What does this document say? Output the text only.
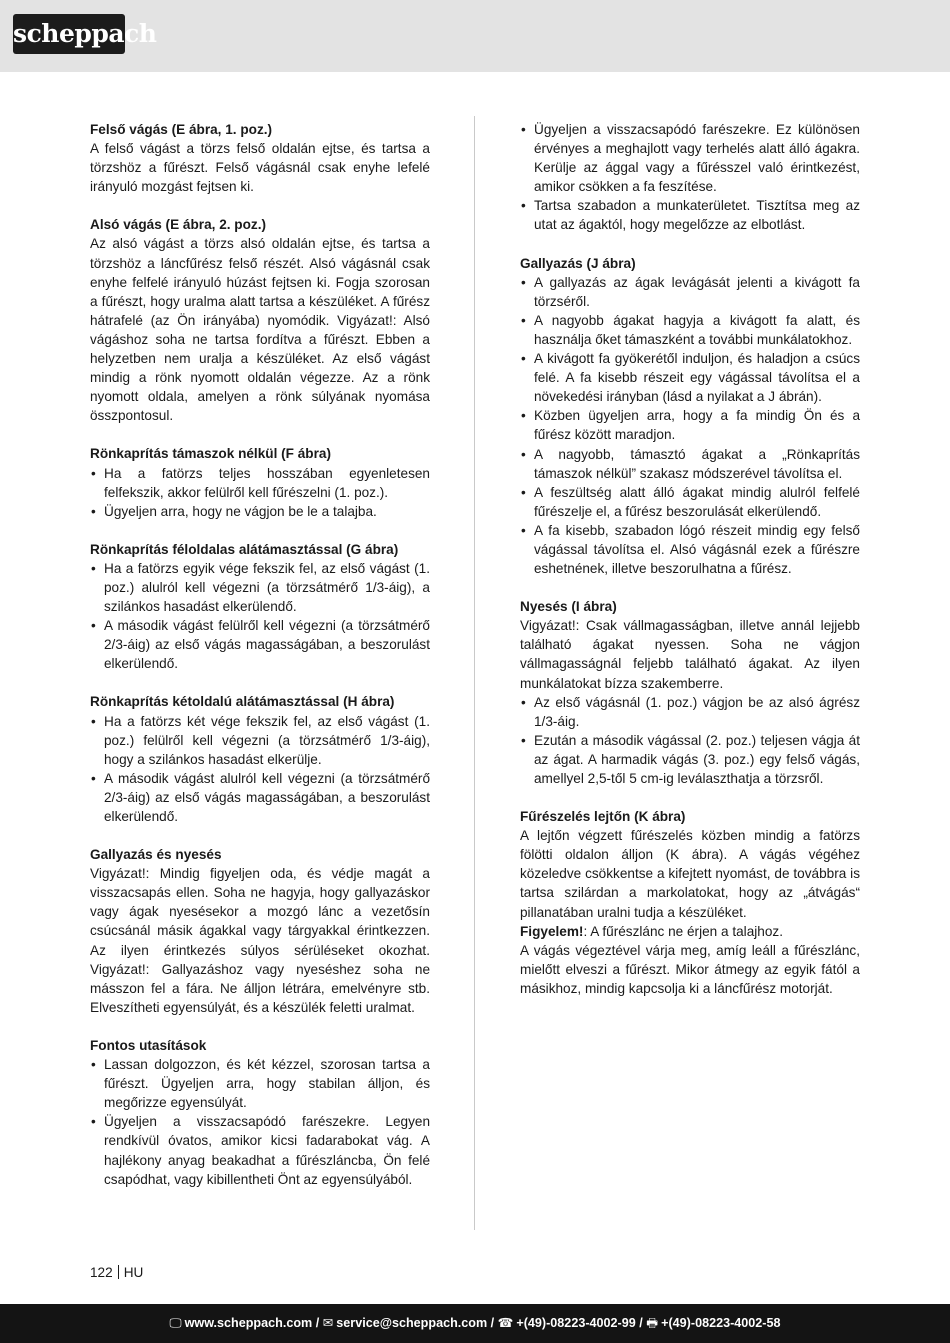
scheppach
Felső vágás (E ábra, 1. poz.)

A felső vágást a törzs felső oldalán ejtse, és tartsa a törzshöz a fűrészt. Felső vágásnál csak enyhe lefelé irányuló mozgást fejtsen ki.

Alsó vágás (E ábra, 2. poz.)

Az alsó vágást a törzs alsó oldalán ejtse, és tartsa a törzshöz a láncfűrész felső részét. Alsó vágásnál csak enyhe felfelé irányuló húzást fejtsen ki. Fogja szorosan a fűrészt, hogy uralma alatt tartsa a készüléket. A fűrész hátrafelé (az Ön irányába) nyomódik. Vigyázat!: Alsó vágáshoz soha ne tartsa fordítva a fűrészt. Ebben a helyzetben nem uralja a készüléket. Az első vágást mindig a rönk nyomott oldalán végezze. Az a rönk nyomott oldala, amelyen a rönk súlyának nyomása összpontosul.

Rönkaprítás támaszok nélkül (F ábra)
• Ha a fatörzs teljes hosszában egyenletesen felfekszik, akkor felülről kell fűrészelni (1. poz.).
• Ügyeljen arra, hogy ne vágjon be le a talajba.
Rönkaprítás féloldalas alátámasztással (G ábra)
• Ha a fatörzs egyik vége fekszik fel, az első vágást (1. poz.) alulról kell végezni (a törzsátmérő 1/3-áig), a szilánkos hasadást elkerülendő.
• A második vágást felülről kell végezni (a törzsátmérő 2/3-áig) az első vágás magasságában, a beszorulást elkerülendő.
Rönkaprítás kétoldalú alátámasztással (H ábra)
• Ha a fatörzs két vége fekszik fel, az első vágást (1. poz.) felülről kell végezni (a törzsátmérő 1/3-áig), hogy a szilánkos hasadást elkerülje.
• A második vágást alulról kell végezni (a törzsátmérő 2/3-áig) az első vágás magasságában, a beszorulást elkerülendő.
Gallyazás és nyesés

Vigyázat!: Mindig figyeljen oda, és védje magát a visszacsapás ellen. Soha ne hagyja, hogy gallyazáskor vagy ágak nyesésekor a mozgó lánc a vezetősín csúcsánál másik ágakkal vagy tárgyakkal érintkezzen. Az ilyen érintkezés súlyos sérüléseket okozhat. Vigyázat!: Gallyazáshoz vagy nyeséshez soha ne másszon fel a fára. Ne álljon létrára, emelvényre stb. Elveszítheti egyensúlyát, és a készülék feletti uralmat.

Fontos utasítások
• Lassan dolgozzon, és két kézzel, szorosan tartsa a fűrészt. Ügyeljen arra, hogy stabilan álljon, és megőrizze egyensúlyát.
• Ügyeljen a visszacsapódó farészekre. Legyen rendkívül óvatos, amikor kicsi fadarabokat vág. A hajlékony anyag beakadhat a fűrészláncba, Ön felé csapódhat, vagy kibillentheti Önt az egyensúlyából.
• Ügyeljen a visszacsapódó farészekre. Ez különösen érvényes a meghajlott vagy terhelés alatt álló ágakra. Kerülje az ággal vagy a fűrésszel való érintkezést, amikor csökken a fa feszítése.
• Tartsa szabadon a munkaterületet. Tisztítsa meg az utat az ágaktól, hogy megelőzze az elbotlást.
Gallyazás (J ábra)
• A gallyazás az ágak levágását jelenti a kivágott fa törzséről.
• A nagyobb ágakat hagyja a kivágott fa alatt, és használja őket támaszként a további munkálatokhoz.
• A kivágott fa gyökerétől induljon, és haladjon a csúcs felé. A fa kisebb részeit egy vágással távolítsa el a növekedési irányban (lásd a nyilakat a J ábrán).
• Közben ügyeljen arra, hogy a fa mindig Ön és a fűrész között maradjon.
• A nagyobb, támasztó ágakat a „Rönkaprítás támaszok nélkül” szakasz módszerével távolítsa el.
• A feszültség alatt álló ágakat mindig alulról felfelé fűrészelje el, a fűrész beszorulását elkerülendő.
• A fa kisebb, szabadon lógó részeit mindig egy felső vágással távolítsa el. Alsó vágásnál ezek a fűrészre eshetnének, illetve beszorulhatna a fűrész.
Nyesés (I ábra)

Vigyázat!: Csak vállmagasságban, illetve annál lejjebb található ágakat nyessen. Soha ne vágjon vállmagasságnál feljebb található ágakat. Az ilyen munkálatokat bízza szakemberre.

• Az első vágásnál (1. poz.) vágjon be az alsó ágrész 1/3-áig.
• Ezután a második vágással (2. poz.) teljesen vágja át az ágat. A harmadik vágás (3. poz.) egy felső vágás, amellyel 2,5-től 5 cm-ig leválaszthatja a törzsről.
Fűrészelés lejtőn (K ábra)

A lejtőn végzett fűrészelés közben mindig a fatörzs fölötti oldalon álljon (K ábra). A vágás végéhez közeledve csökkentse a kifejtett nyomást, de továbbra is tartsa szilárdan a markolatokat, hogy az „átvágás“ pillanatában uralni tudja a készüléket.

Figyelem!: A fűrészlánc ne érjen a talajhoz.

A vágás végeztével várja meg, amíg leáll a fűrészlánc, mielőtt elveszi a fűrészt. Mikor átmegy az egyik fától a másikhoz, mindig kapcsolja ki a láncfűrész motorját.

122 HU
🖵 www.scheppach.com / ✉ service@scheppach.com / ☎ +(49)-08223-4002-99 / 🖶 +(49)-08223-4002-58
